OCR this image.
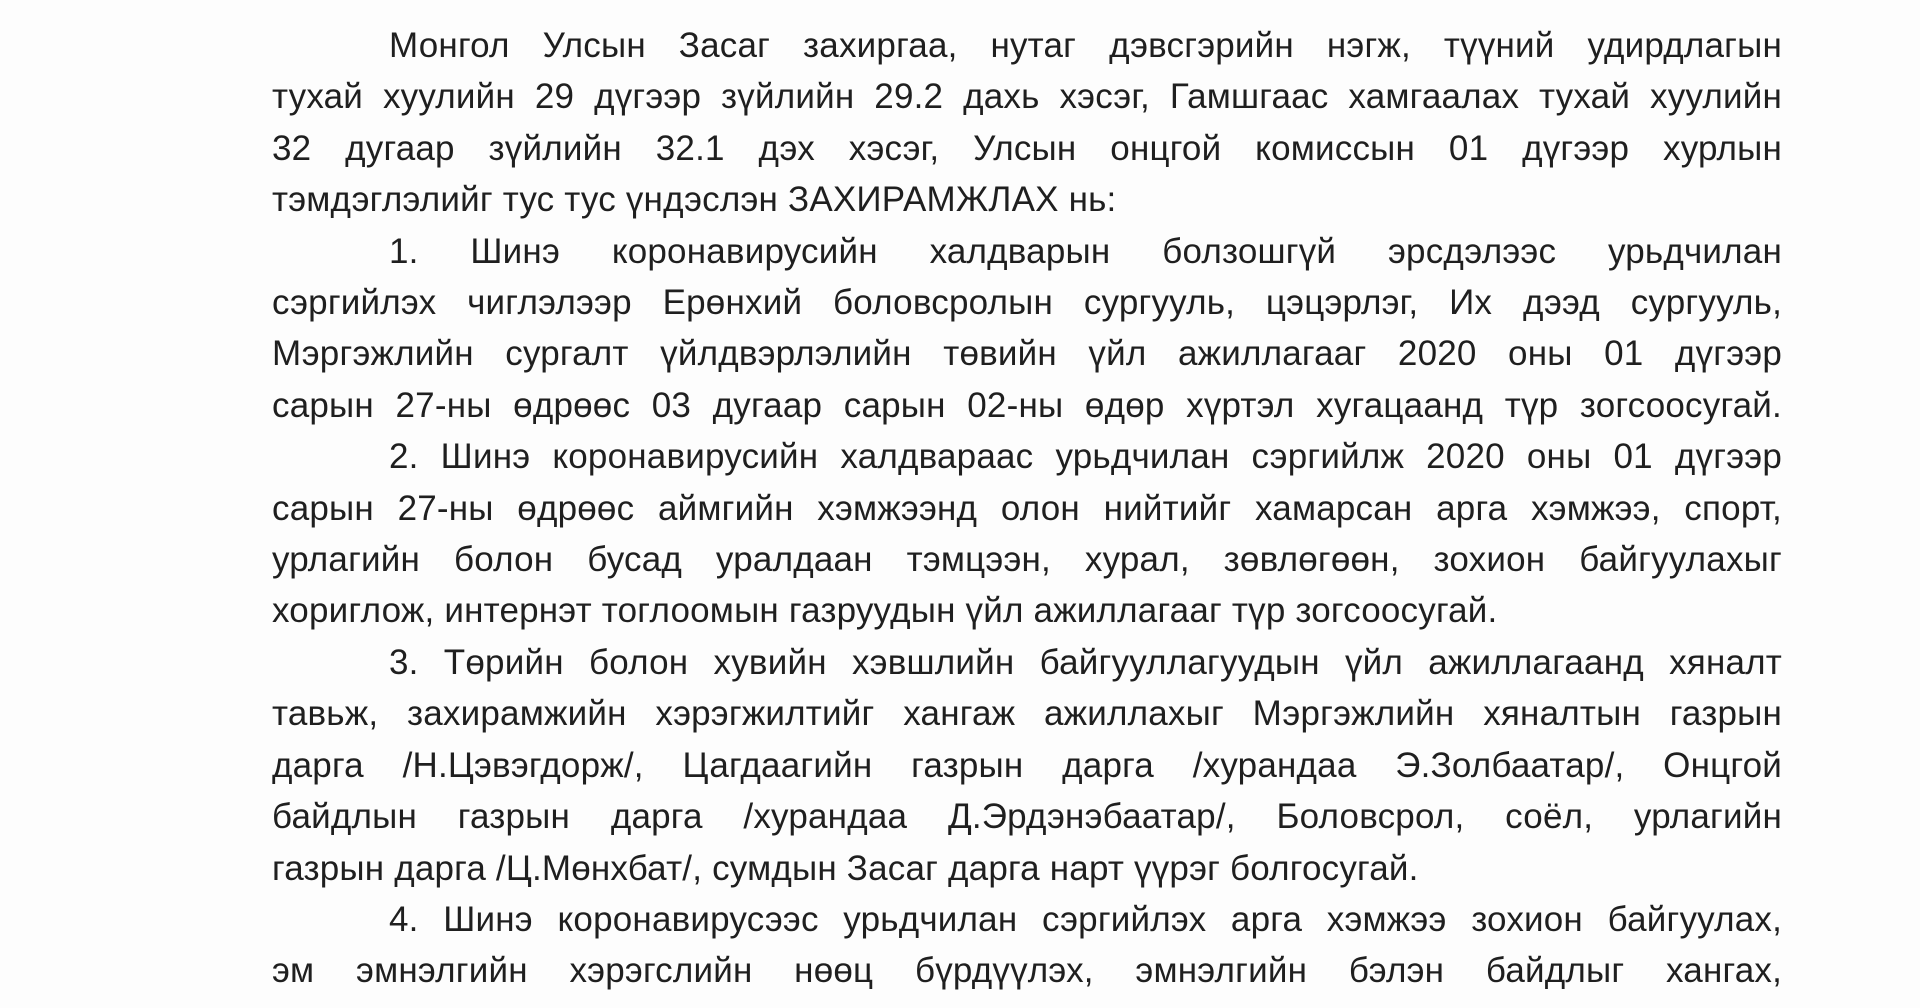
Монгол Улсын Засаг захиргаа, нутаг дэвсгэрийн нэгж, түүний удирдлагын
тухай хуулийн 29 дүгээр зүйлийн 29.2 дахь хэсэг, Гамшгаас хамгаалах тухай хуулийн
32 дугаар зүйлийн 32.1 дэх хэсэг, Улсын онцгой комиссын 01 дүгээр хурлын
тэмдэглэлийг тус тус үндэслэн ЗАХИРАМЖЛАХ нь:

1. Шинэ коронавирусийн халдварын болзошгүй эрсдэлээс урьдчилан
сэргийлэх чиглэлээр Ерөнхий боловсролын сургууль, цэцэрлэг, Их дээд сургууль,
Мэргэжлийн сургалт үйлдвэрлэлийн төвийн үйл ажиллагааг 2020 оны 01 дүгээр
сарын 27-ны өдрөөс 03 дугаар сарын 02-ны өдөр хүртэл хугацаанд түр зогсоосугай.

2. Шинэ коронавирусийн халдвараас урьдчилан сэргийлж 2020 оны 01 дүгээр
сарын 27-ны өдрөөс аймгийн хэмжээнд олон нийтийг хамарсан арга хэмжээ, спорт,
урлагийн болон бусад уралдаан тэмцээн, хурал, зөвлөгөөн, зохион байгуулахыг
хориглож, интернэт тоглоомын газруудын үйл ажиллагааг түр зогсоосугай.

3. Төрийн болон хувийн хэвшлийн байгууллагуудын үйл ажиллагаанд хяналт
тавьж, захирамжийн хэрэгжилтийг хангаж ажиллахыг Мэргэжлийн хяналтын газрын
дарга /Н.Цэвэгдорж/, Цагдаагийн газрын дарга /хурандаа Э.Золбаатар/, Онцгой
байдлын газрын дарга /хурандаа Д.Эрдэнэбаатар/, Боловсрол, соёл, урлагийн
газрын дарга /Ц.Мөнхбат/, сумдын Засаг дарга нарт үүрэг болгосугай.

4. Шинэ коронавирусээс урьдчилан сэргийлэх арга хэмжээ зохион байгуулах,
эм эмнэлгийн хэрэгслийн нөөц бүрдүүлэх, эмнэлгийн бэлэн байдлыг хангах,
